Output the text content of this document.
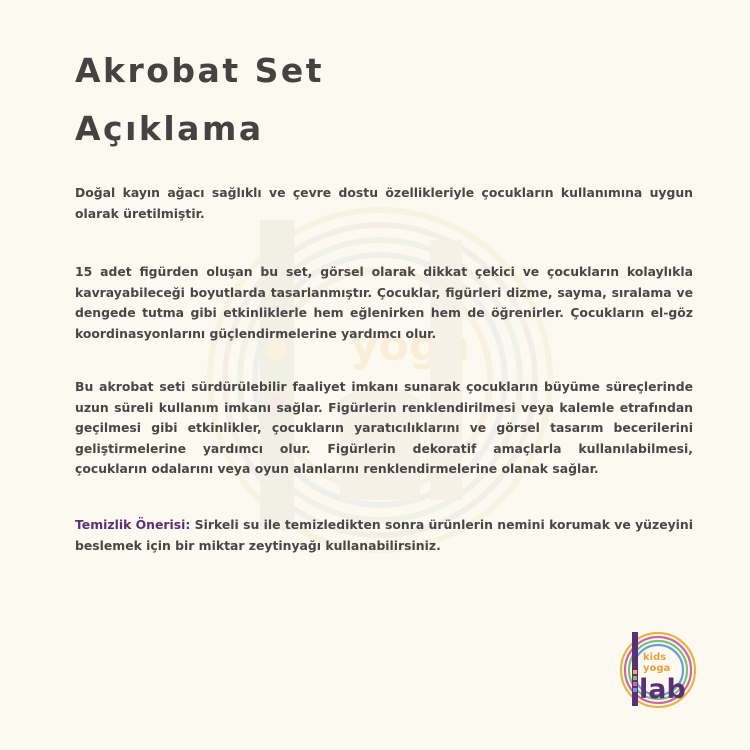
yoga
Akrobat Set
Açıklama

Doğal kayın ağacı sağlıklı ve çevre dostu özellikleriyle çocukların kullanımına uygun olarak üretilmiştir.

15 adet figürden oluşan bu set, görsel olarak dikkat çekici ve çocukların kolaylıkla kavrayabileceği boyutlarda tasarlanmıştır. Çocuklar, figürleri dizme, sayma, sıralama ve dengede tutma gibi etkinliklerle hem eğlenirken hem de öğrenirler. Çocukların el-göz koordinasyonlarını güçlendirmelerine yardımcı olur.

Bu akrobat seti sürdürülebilir faaliyet imkanı sunarak çocukların büyüme süreçlerinde uzun süreli kullanım imkanı sağlar. Figürlerin renklendirilmesi veya kalemle etrafından geçilmesi gibi etkinlikler, çocukların yaratıcılıklarını ve görsel tasarım becerilerini geliştirmelerine yardımcı olur. Figürlerin dekoratif amaçlarla kullanılabilmesi, çocukların odalarını veya oyun alanlarını renklendirmelerine olanak sağlar.

Temizlik Önerisi: Sirkeli su ile temizledikten sonra ürünlerin nemini korumak ve yüzeyini beslemek için bir miktar zeytinyağı kullanabilirsiniz.

kids
yoga
lab
